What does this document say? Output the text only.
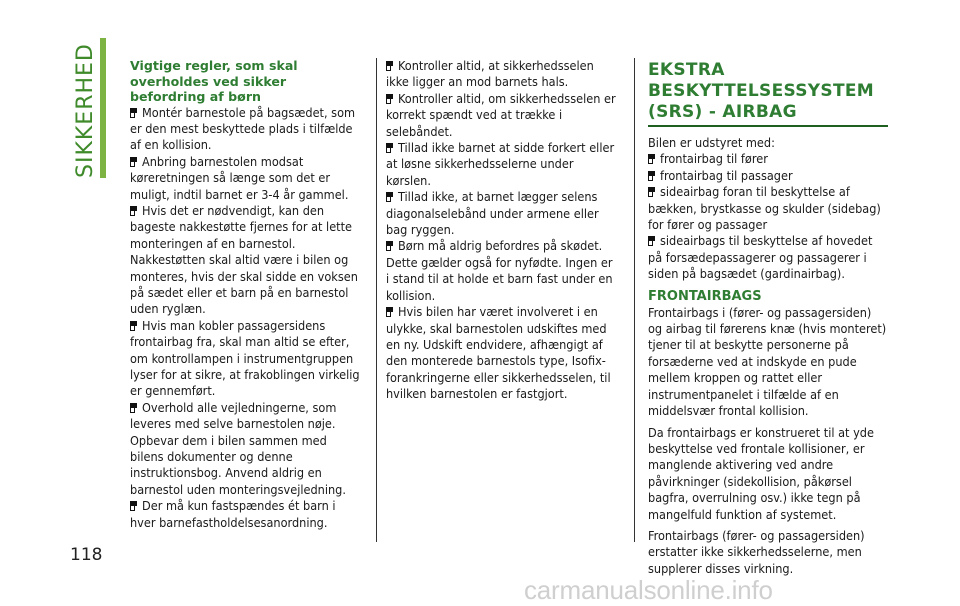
SIKKERHED	Vigtige regler, som skal overholdes ved sikker befordring af børn

Montér barnestole på bagsædet, som er den mest beskyttede plads i tilfælde af en kollision.

Anbring barnestolen modsat køreretningen så længe som det er muligt, indtil barnet er 3-4 år gammel.

Hvis det er nødvendigt, kan den bageste nakkestøtte fjernes for at lette monteringen af en barnestol. Nakkestøtten skal altid være i bilen og monteres, hvis der skal sidde en voksen på sædet eller et barn på en barnestol uden ryglæn.

Hvis man kobler passagersidens frontairbag fra, skal man altid se efter, om kontrollampen i instrumentgruppen lyser for at sikre, at frakoblingen virkelig er gennemført.

Overhold alle vejledningerne, som leveres med selve barnestolen nøje. Opbevar dem i bilen sammen med bilens dokumenter og denne instruktionsbog. Anvend aldrig en barnestol uden monteringsvejledning.

Der må kun fastspændes ét barn i hver barnefastholdelsesanordning.

Kontroller altid, at sikkerhedsselen ikke ligger an mod barnets hals.

Kontroller altid, om sikkerhedsselen er korrekt spændt ved at trække i selebåndet.

Tillad ikke barnet at sidde forkert eller at løsne sikkerhedsselerne under kørslen.

Tillad ikke, at barnet lægger selens diagonalselebånd under armene eller bag ryggen.

Børn må aldrig befordres på skødet. Dette gælder også for nyfødte. Ingen er i stand til at holde et barn fast under en kollision.

Hvis bilen har været involveret i en ulykke, skal barnestolen udskiftes med en ny. Udskift endvidere, afhængigt af den monterede barnestols type, Isofix-forankringerne eller sikkerhedsselen, til hvilken barnestolen er fastgjort.

EKSTRA BESKYTTELSESSYSTEM (SRS) - AIRBAG

Bilen er udstyret med:

frontairbag til fører

frontairbag til passager

sideairbag foran til beskyttelse af bækken, brystkasse og skulder (sidebag) for fører og passager

sideairbags til beskyttelse af hovedet på forsædepassagerer og passagerer i siden på bagsædet (gardinairbag).

FRONTAIRBAGS

Frontairbags i (fører- og passagersiden) og airbag til førerens knæ (hvis monteret) tjener til at beskytte personerne på forsæderne ved at indskyde en pude mellem kroppen og rattet eller instrumentpanelet i tilfælde af en middelsvær frontal kollision.

Da frontairbags er konstrueret til at yde beskyttelse ved frontale kollisioner, er manglende aktivering ved andre påvirkninger (sidekollision, påkørsel bagfra, overrulning osv.) ikke tegn på mangelfuld funktion af systemet.

Frontairbags (fører- og passagersiden) erstatter ikke sikkerhedsselerne, men supplerer disses virkning.

118
carmanualsonline.info
